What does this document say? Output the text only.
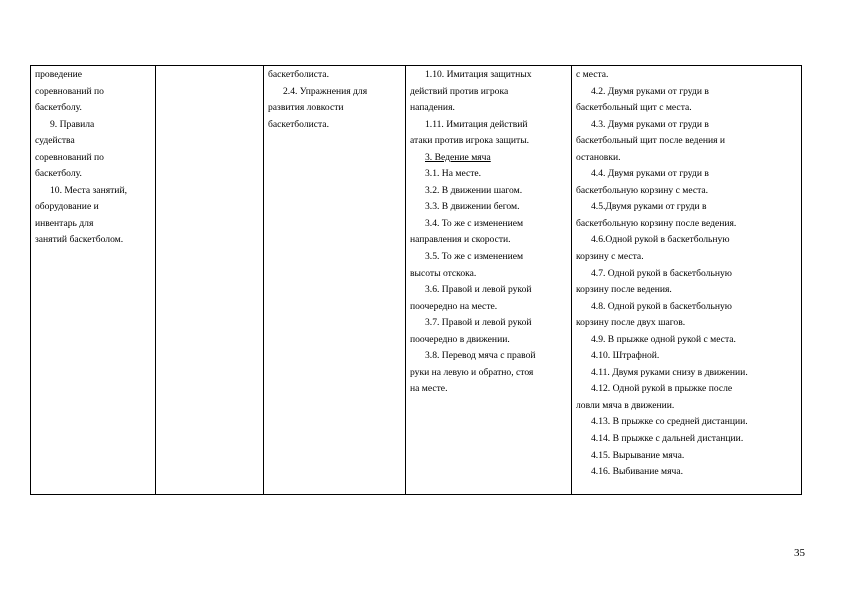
проведение
соревнований по
баскетболу.
9. Правила
судейства
соревнований по
баскетболу.
10. Места занятий,
оборудование и
инвентарь для
занятий баскетболом.
баскетболиста.
2.4. Упражнения для
развития ловкости
баскетболиста.
1.10. Имитация защитных
действий против игрока
нападения.
1.11. Имитация действий
атаки против игрока защиты.
3. Ведение мяча
3.1. На месте.
3.2. В движении шагом.
3.3. В движении бегом.
3.4. То же с изменением
направления и скорости.
3.5. То же с изменением
высоты отскока.
3.6. Правой и левой рукой
поочередно на месте.
3.7. Правой и левой рукой
поочередно в движении.
3.8. Перевод мяча с правой
руки на левую и обратно, стоя
на месте.
с места.
4.2. Двумя руками от груди в
баскетбольный щит с места.
4.3. Двумя руками от груди в
баскетбольный щит после ведения и
остановки.
4.4. Двумя руками от груди в
баскетбольную корзину с места.
4.5.Двумя руками от груди в
баскетбольную корзину после ведения.
4.6.Одной рукой в баскетбольную
корзину с места.
4.7. Одной рукой в баскетбольную
корзину после ведения.
4.8. Одной рукой в баскетбольную
корзину после двух шагов.
4.9. В прыжке одной рукой с места.
4.10. Штрафной.
4.11. Двумя руками снизу в движении.
4.12. Одной рукой в прыжке после
ловли мяча в движении.
4.13. В прыжке со средней дистанции.
4.14. В прыжке с дальней дистанции.
4.15. Вырывание мяча.
4.16. Выбивание мяча.
35
